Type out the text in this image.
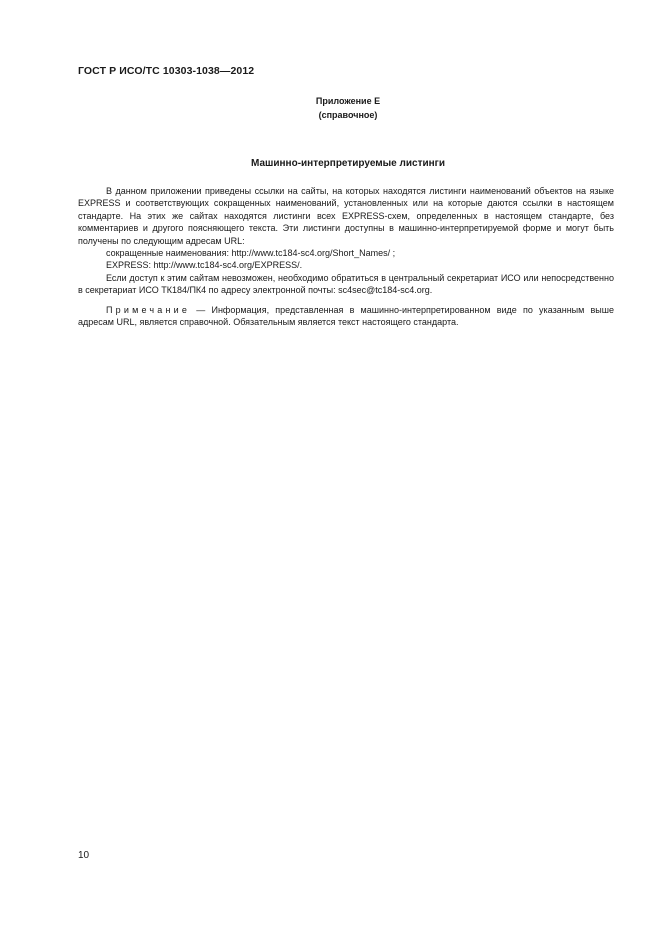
ГОСТ Р ИСО/ТС 10303-1038—2012
Приложение Е
(справочное)
Машинно-интерпретируемые листинги

В данном приложении приведены ссылки на сайты, на которых находятся листинги наименований объектов на языке EXPRESS и соответствующих сокращенных наименований, установленных или на которые даются ссылки в настоящем стандарте. На этих же сайтах находятся листинги всех EXPRESS-схем, определенных в настоящем стандарте, без комментариев и другого поясняющего текста. Эти листинги доступны в машинно-интерпретируемой форме и могут быть получены по следующим адресам URL:

сокращенные наименования: http://www.tc184-sc4.org/Short_Names/ ;

EXPRESS: http://www.tc184-sc4.org/EXPRESS/.

Если доступ к этим сайтам невозможен, необходимо обратиться в центральный секретариат ИСО или непосредственно в секретариат ИСО ТК184/ПК4 по адресу электронной почты: sc4sec@tc184-sc4.org.

Примечание — Информация, представленная в машинно-интерпретированном виде по указанным выше адресам URL, является справочной. Обязательным является текст настоящего стандарта.

10
